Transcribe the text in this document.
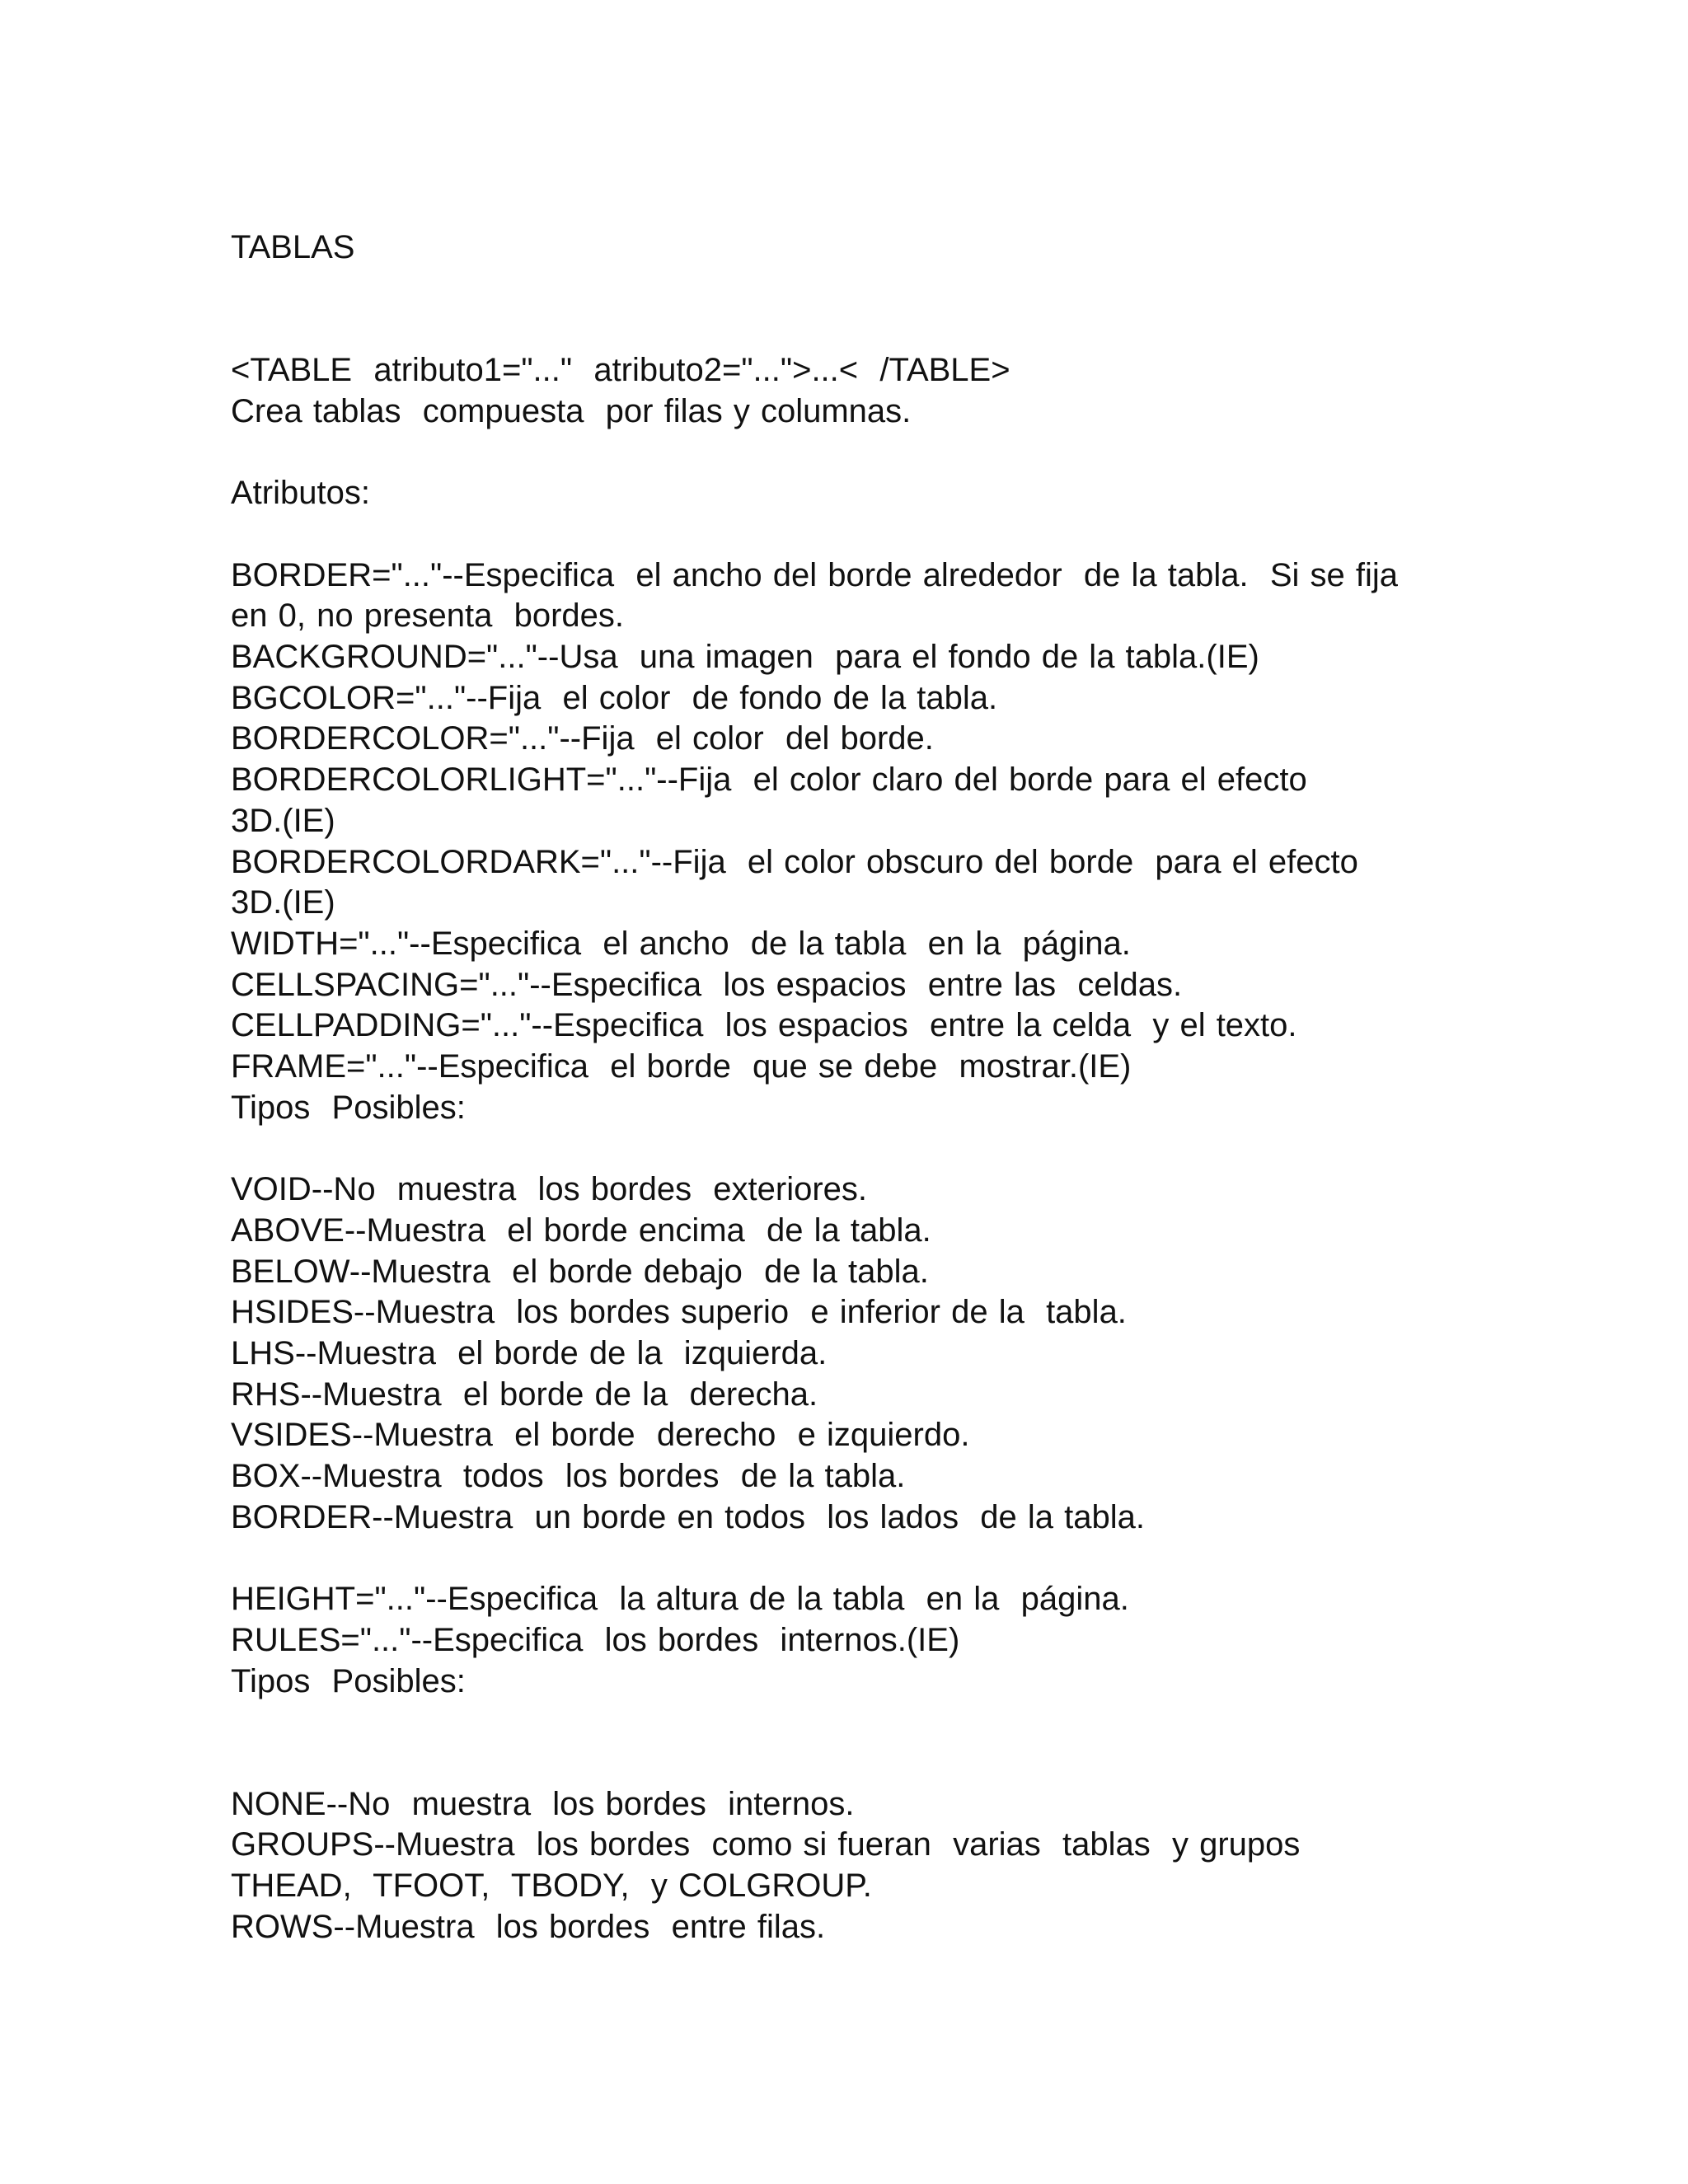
TABLAS
<TABLE  atributo1="..."  atributo2="...">...<  /TABLE>
Crea tablas  compuesta  por filas y columnas.
Atributos:
BORDER="..."--Especifica  el ancho del borde alrededor  de la tabla.  Si se fija
en 0, no presenta  bordes.
BACKGROUND="..."--Usa  una imagen  para el fondo de la tabla.(IE)
BGCOLOR="..."--Fija  el color  de fondo de la tabla.
BORDERCOLOR="..."--Fija  el color  del borde.
BORDERCOLORLIGHT="..."--Fija  el color claro del borde para el efecto
3D.(IE)
BORDERCOLORDARK="..."--Fija  el color obscuro del borde  para el efecto
3D.(IE)
WIDTH="..."--Especifica  el ancho  de la tabla  en la  página.
CELLSPACING="..."--Especifica  los espacios  entre las  celdas.
CELLPADDING="..."--Especifica  los espacios  entre la celda  y el texto.
FRAME="..."--Especifica  el borde  que se debe  mostrar.(IE)
Tipos  Posibles:
VOID--No  muestra  los bordes  exteriores.
ABOVE--Muestra  el borde encima  de la tabla.
BELOW--Muestra  el borde debajo  de la tabla.
HSIDES--Muestra  los bordes superio  e inferior de la  tabla.
LHS--Muestra  el borde de la  izquierda.
RHS--Muestra  el borde de la  derecha.
VSIDES--Muestra  el borde  derecho  e izquierdo.
BOX--Muestra  todos  los bordes  de la tabla.
BORDER--Muestra  un borde en todos  los lados  de la tabla.
HEIGHT="..."--Especifica  la altura de la tabla  en la  página.
RULES="..."--Especifica  los bordes  internos.(IE)
Tipos  Posibles:
NONE--No  muestra  los bordes  internos.
GROUPS--Muestra  los bordes  como si fueran  varias  tablas  y grupos
THEAD,  TFOOT,  TBODY,  y COLGROUP.
ROWS--Muestra  los bordes  entre filas.
